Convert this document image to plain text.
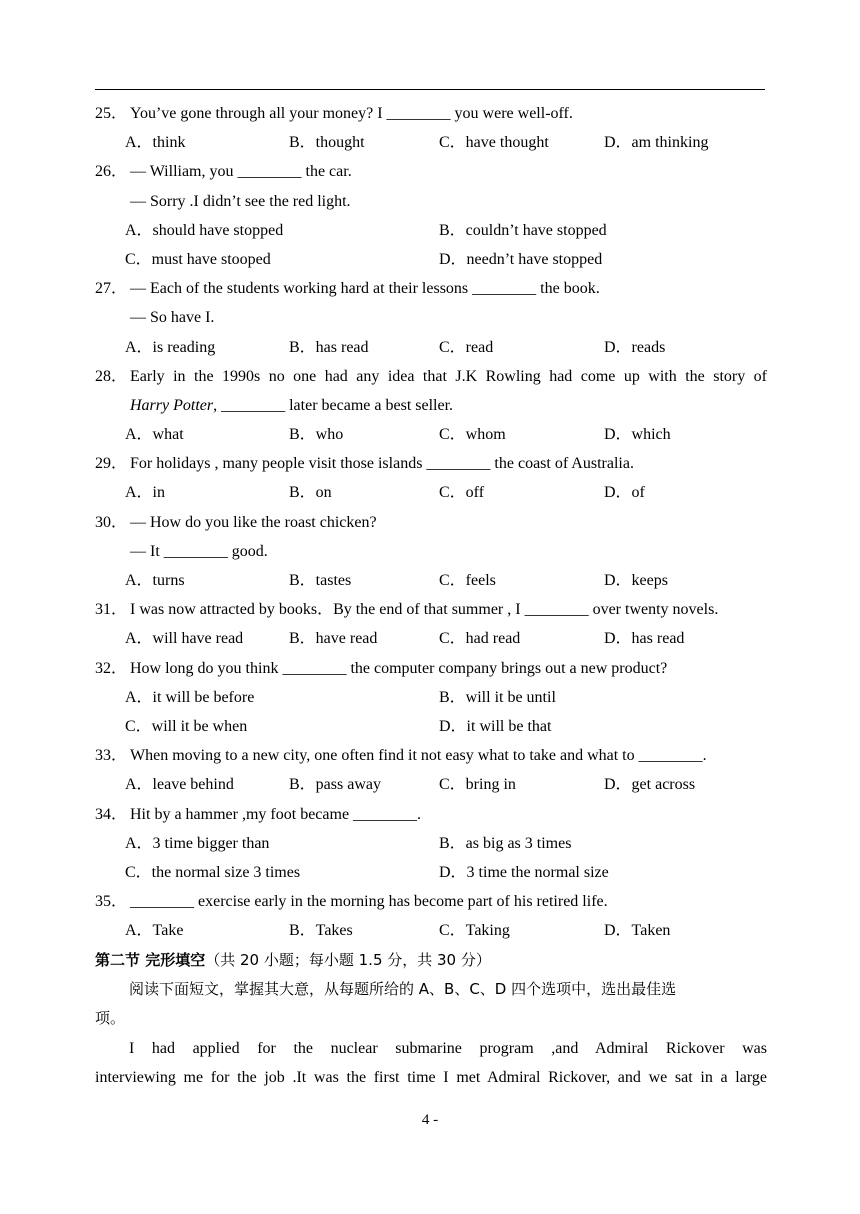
25． You’ve gone through all your money? I ________ you were well-off.
A．think	B．thought	C．have thought	D．am thinking
26． — William, you ________ the car.
— Sorry .I didn’t see the red light.
A．should have stopped	B．couldn’t have stopped
C．must have stooped	D．needn’t have stopped
27． — Each of the students working hard at their lessons ________ the book.
— So have I.
A．is reading	B．has read	C．read	D．reads
28． Early in the 1990s no one had any idea that J.K Rowling had come up with the story of
Harry Potter, ________ later became a best seller.
A．what	B．who	C．whom	D．which
29． For holidays , many people visit those islands ________ the coast of Australia.
A．in	B．on	C．off	D．of
30． — How do you like the roast chicken?
— It ________ good.
A．turns	B．tastes	C．feels	D．keeps
31． I was now attracted by books．By the end of that summer , I ________ over twenty novels.
A．will have read	B．have read	C．had read	D．has read
32． How long do you think ________ the computer company brings out a new product?
A．it will be before	B．will it be until
C．will it be when	D．it will be that
33． When moving to a new city, one often find it not easy what to take and what to ________.
A．leave behind	B．pass away	C．bring in	D．get across
34． Hit by a hammer ,my foot became ________.
A．3 time bigger than	B．as big as 3 times
C．the normal size 3 times	D．3 time the normal size
35． ________ exercise early in the morning has become part of his retired life.
A．Take	B．Takes	C．Taking	D．Taken
第二节 完形填空（共 20 小题；每小题 1.5 分，共 30 分）
阅读下面短文，掌握其大意，从每题所给的 A、B、C、D 四个选项中，选出最佳选
项。
I had applied for the nuclear submarine program ,and Admiral Rickover was
interviewing me for the job .It was the first time I met Admiral Rickover, and we sat in a large
4 -
